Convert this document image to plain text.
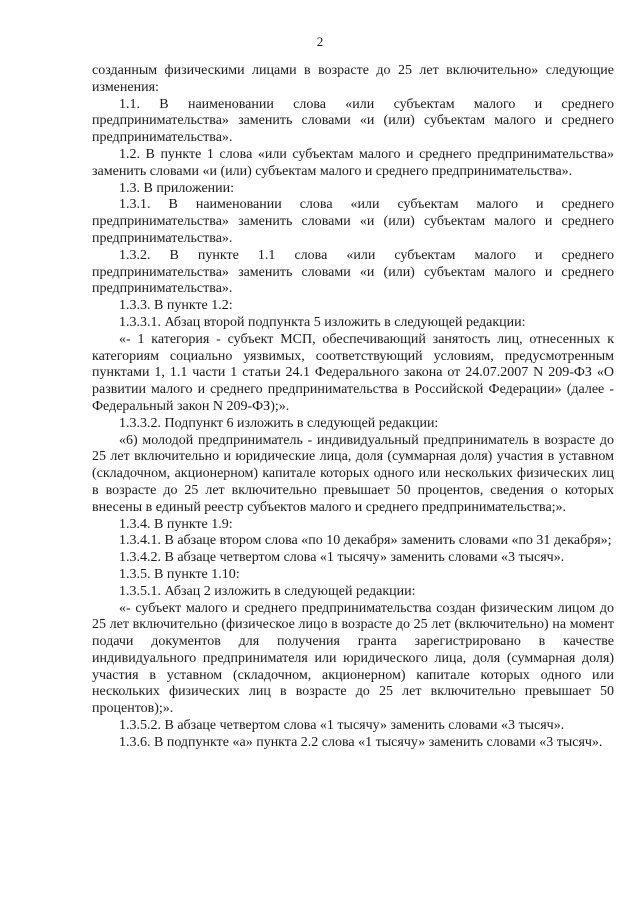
2

созданным физическими лицами в возрасте до 25 лет включительно» следующие изменения:

1.1. В наименовании слова «или субъектам малого и среднего предпринимательства» заменить словами «и (или) субъектам малого и среднего предпринимательства».

1.2. В пункте 1 слова «или субъектам малого и среднего предпринимательства» заменить словами «и (или) субъектам малого и среднего предпринимательства».

1.3. В приложении:

1.3.1. В наименовании слова «или субъектам малого и среднего предпринимательства» заменить словами «и (или) субъектам малого и среднего предпринимательства».

1.3.2. В пункте 1.1 слова «или субъектам малого и среднего предпринимательства» заменить словами «и (или) субъектам малого и среднего предпринимательства».

1.3.3. В пункте 1.2:

1.3.3.1. Абзац второй подпункта 5 изложить в следующей редакции:

«- 1 категория - субъект МСП, обеспечивающий занятость лиц, отнесенных к категориям социально уязвимых, соответствующий условиям, предусмотренным пунктами 1, 1.1 части 1 статьи 24.1 Федерального закона от 24.07.2007 N 209-ФЗ «О развитии малого и среднего предпринимательства в Российской Федерации» (далее - Федеральный закон N 209-ФЗ);».

1.3.3.2. Подпункт 6 изложить в следующей редакции:

«6) молодой предприниматель - индивидуальный предприниматель в возрасте до 25 лет включительно и юридические лица, доля (суммарная доля) участия в уставном (складочном, акционерном) капитале которых одного или нескольких физических лиц в возрасте до 25 лет включительно превышает 50 процентов, сведения о которых внесены в единый реестр субъектов малого и среднего предпринимательства;».

1.3.4. В пункте 1.9:

1.3.4.1. В абзаце втором слова «по 10 декабря» заменить словами «по 31 декабря»;

1.3.4.2. В абзаце четвертом слова «1 тысячу» заменить словами «3 тысяч».

1.3.5. В пункте 1.10:

1.3.5.1. Абзац 2 изложить в следующей редакции:

«- субъект малого и среднего предпринимательства создан физическим лицом до 25 лет включительно (физическое лицо в возрасте до 25 лет (включительно) на момент подачи документов для получения гранта зарегистрировано в качестве индивидуального предпринимателя или юридического лица, доля (суммарная доля) участия в уставном (складочном, акционерном) капитале которых одного или нескольких физических лиц в возрасте до 25 лет включительно превышает 50 процентов);».

1.3.5.2. В абзаце четвертом слова «1 тысячу» заменить словами «3 тысяч».

1.3.6. В подпункте «а» пункта 2.2 слова «1 тысячу» заменить словами «3 тысяч».
